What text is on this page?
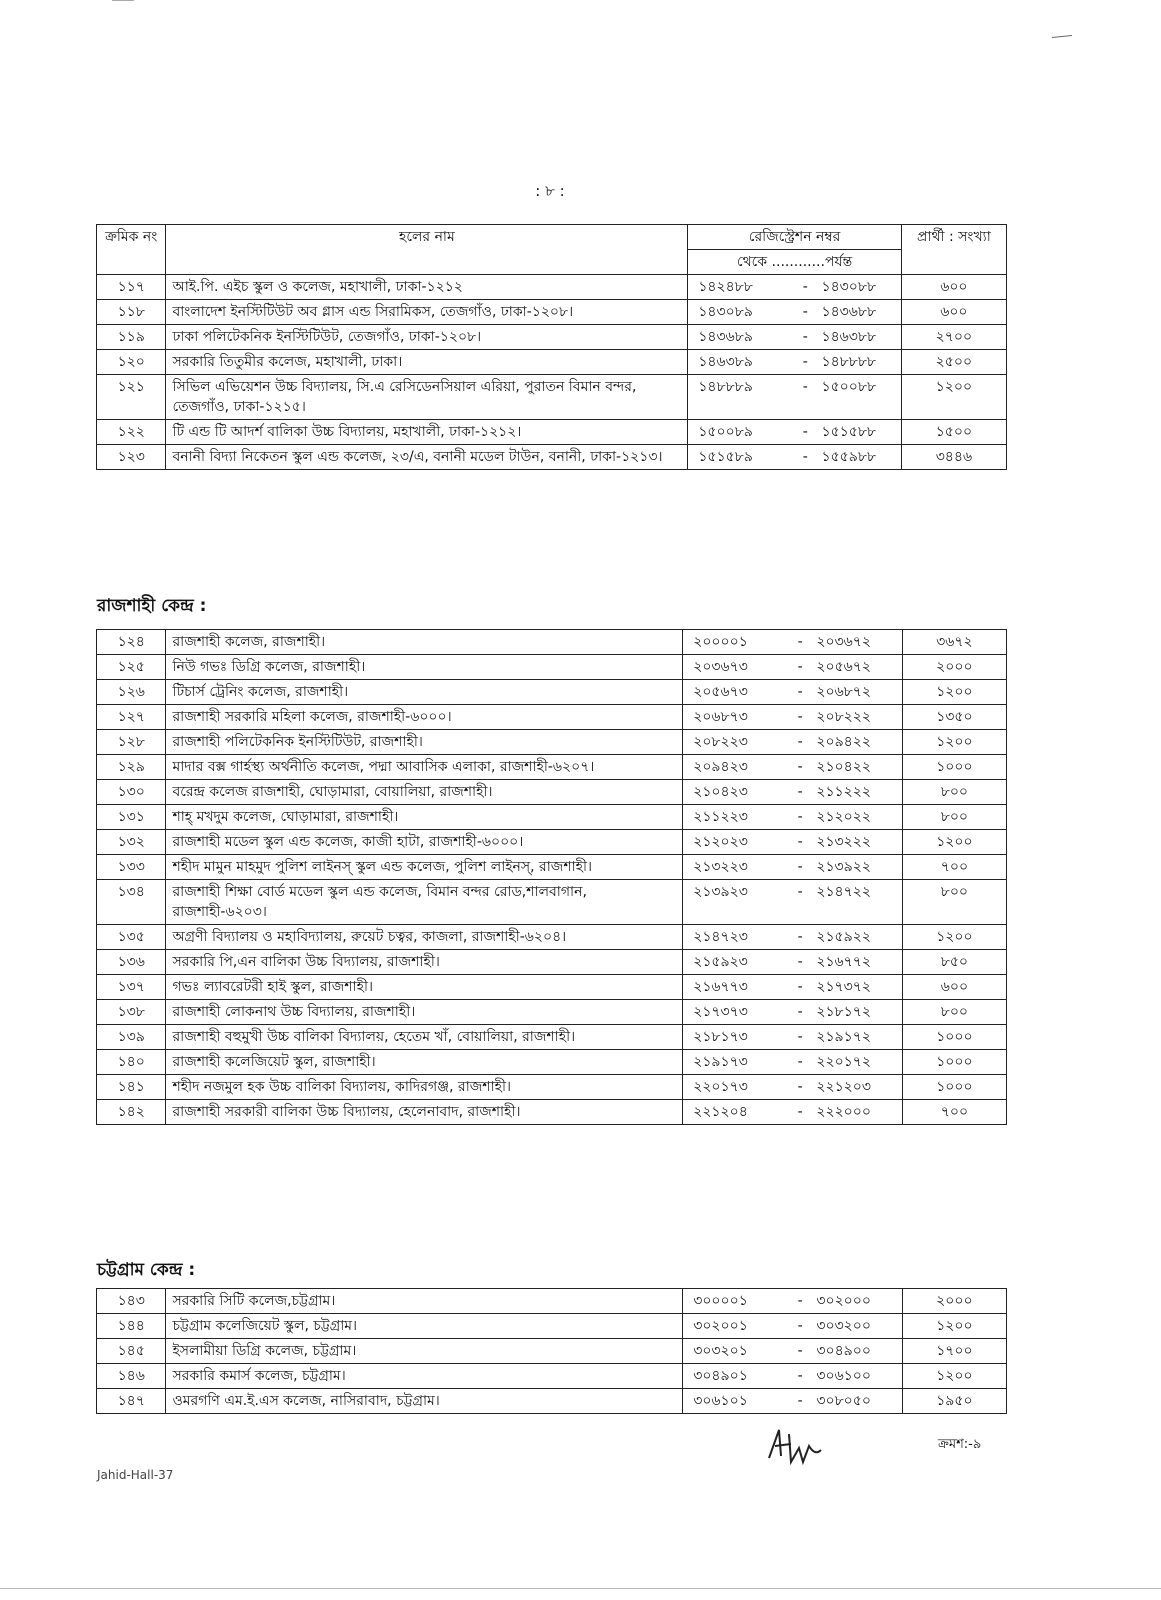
: ৮ :
ক্রমিক নং	হলের নাম	রেজিস্ট্রেশন নম্বর			প্রার্থী : সংখ্যা
		থেকে ............পর্যন্ত			
১১৭	আই.পি. এইচ স্কুল ও কলেজ, মহাখালী, ঢাকা-১২১২	১৪২৪৮৮	-	১৪৩০৮৮	৬০০
১১৮	বাংলাদেশ ইনস্টিটিউট অব গ্লাস এন্ড সিরামিকস, তেজগাঁও, ঢাকা-১২০৮।	১৪৩০৮৯	-	১৪৩৬৮৮	৬০০
১১৯	ঢাকা পলিটেকনিক ইনস্টিটিউট, তেজগাঁও, ঢাকা-১২০৮।	১৪৩৬৮৯	-	১৪৬৩৮৮	২৭০০
১২০	সরকারি তিতুমীর কলেজ, মহাখালী, ঢাকা।	১৪৬৩৮৯	-	১৪৮৮৮৮	২৫০০
১২১	সিভিল এভিয়েশন উচ্চ বিদ্যালয়, সি.এ রেসিডেনসিয়াল এরিয়া, পুরাতন বিমান বন্দর, তেজগাঁও, ঢাকা-১২১৫।	১৪৮৮৮৯	-	১৫০০৮৮	১২০০
১২২	টি এন্ড টি আদর্শ বালিকা উচ্চ বিদ্যালয়, মহাখালী, ঢাকা-১২১২।	১৫০০৮৯	-	১৫১৫৮৮	১৫০০
১২৩	বনানী বিদ্যা নিকেতন স্কুল এন্ড কলেজ, ২৩/এ, বনানী মডেল টাউন, বনানী, ঢাকা-১২১৩।	১৫১৫৮৯	-	১৫৫৯৮৮	৩৪৪৬
রাজশাহী কেন্দ্র :
১২৪	রাজশাহী কলেজ, রাজশাহী।	২০০০০১	-	২০৩৬৭২	৩৬৭২
১২৫	নিউ গভঃ ডিগ্রি কলেজ, রাজশাহী।	২০৩৬৭৩	-	২০৫৬৭২	২০০০
১২৬	টিচার্স ট্রেনিং কলেজ, রাজশাহী।	২০৫৬৭৩	-	২০৬৮৭২	১২০০
১২৭	রাজশাহী সরকারি মহিলা কলেজ, রাজশাহী-৬০০০।	২০৬৮৭৩	-	২০৮২২২	১৩৫০
১২৮	রাজশাহী পলিটেকনিক ইনস্টিটিউট, রাজশাহী।	২০৮২২৩	-	২০৯৪২২	১২০০
১২৯	মাদার বক্স গার্হস্থ্য অর্থনীতি কলেজ, পদ্মা আবাসিক এলাকা, রাজশাহী-৬২০৭।	২০৯৪২৩	-	২১০৪২২	১০০০
১৩০	বরেন্দ্র কলেজ রাজশাহী, ঘোড়ামারা, বোয়ালিয়া, রাজশাহী।	২১০৪২৩	-	২১১২২২	৮০০
১৩১	শাহ্ মখদুম কলেজ, ঘোড়ামারা, রাজশাহী।	২১১২২৩	-	২১২০২২	৮০০
১৩২	রাজশাহী মডেল স্কুল এন্ড কলেজ, কাজী হাটা, রাজশাহী-৬০০০।	২১২০২৩	-	২১৩২২২	১২০০
১৩৩	শহীদ মামুন মাহমুদ পুলিশ লাইনস্ স্কুল এন্ড কলেজ, পুলিশ লাইনস্, রাজশাহী।	২১৩২২৩	-	২১৩৯২২	৭০০
১৩৪	রাজশাহী শিক্ষা বোর্ড মডেল স্কুল এন্ড কলেজ, বিমান বন্দর রোড,শালবাগান, রাজশাহী-৬২০৩।	২১৩৯২৩	-	২১৪৭২২	৮০০
১৩৫	অগ্রণী বিদ্যালয় ও মহাবিদ্যালয়, রুয়েট চত্বর, কাজলা, রাজশাহী-৬২০৪।	২১৪৭২৩	-	২১৫৯২২	১২০০
১৩৬	সরকারি পি,এন বালিকা উচ্চ বিদ্যালয়, রাজশাহী।	২১৫৯২৩	-	২১৬৭৭২	৮৫০
১৩৭	গভঃ ল্যাবরেটরী হাই স্কুল, রাজশাহী।	২১৬৭৭৩	-	২১৭৩৭২	৬০০
১৩৮	রাজশাহী লোকনাথ উচ্চ বিদ্যালয়, রাজশাহী।	২১৭৩৭৩	-	২১৮১৭২	৮০০
১৩৯	রাজশাহী বহুমুখী উচ্চ বালিকা বিদ্যালয়, হেতেম খাঁ, বোয়ালিয়া, রাজশাহী।	২১৮১৭৩	-	২১৯১৭২	১০০০
১৪০	রাজশাহী কলেজিয়েট স্কুল, রাজশাহী।	২১৯১৭৩	-	২২০১৭২	১০০০
১৪১	শহীদ নজমুল হক উচ্চ বালিকা বিদ্যালয়, কাদিরগঞ্জ, রাজশাহী।	২২০১৭৩	-	২২১২০৩	১০০০
১৪২	রাজশাহী সরকারী বালিকা উচ্চ বিদ্যালয়, হেলেনাবাদ, রাজশাহী।	২২১২০৪	-	২২২০০০	৭০০
চট্টগ্রাম কেন্দ্র :
১৪৩	সরকারি সিটি কলেজ,চট্টগ্রাম।	৩০০০০১	-	৩০২০০০	২০০০
১৪৪	চট্টগ্রাম কলেজিয়েট স্কুল, চট্টগ্রাম।	৩০২০০১	-	৩০৩২০০	১২০০
১৪৫	ইসলামীয়া ডিগ্রি কলেজ, চট্টগ্রাম।	৩০৩২০১	-	৩০৪৯০০	১৭০০
১৪৬	সরকারি কমার্স কলেজ, চট্টগ্রাম।	৩০৪৯০১	-	৩০৬১০০	১২০০
১৪৭	ওমরগণি এম.ই.এস কলেজ, নাসিরাবাদ, চট্টগ্রাম।	৩০৬১০১	-	৩০৮০৫০	১৯৫০
ক্রমশ:-৯
Jahid-Hall-37
